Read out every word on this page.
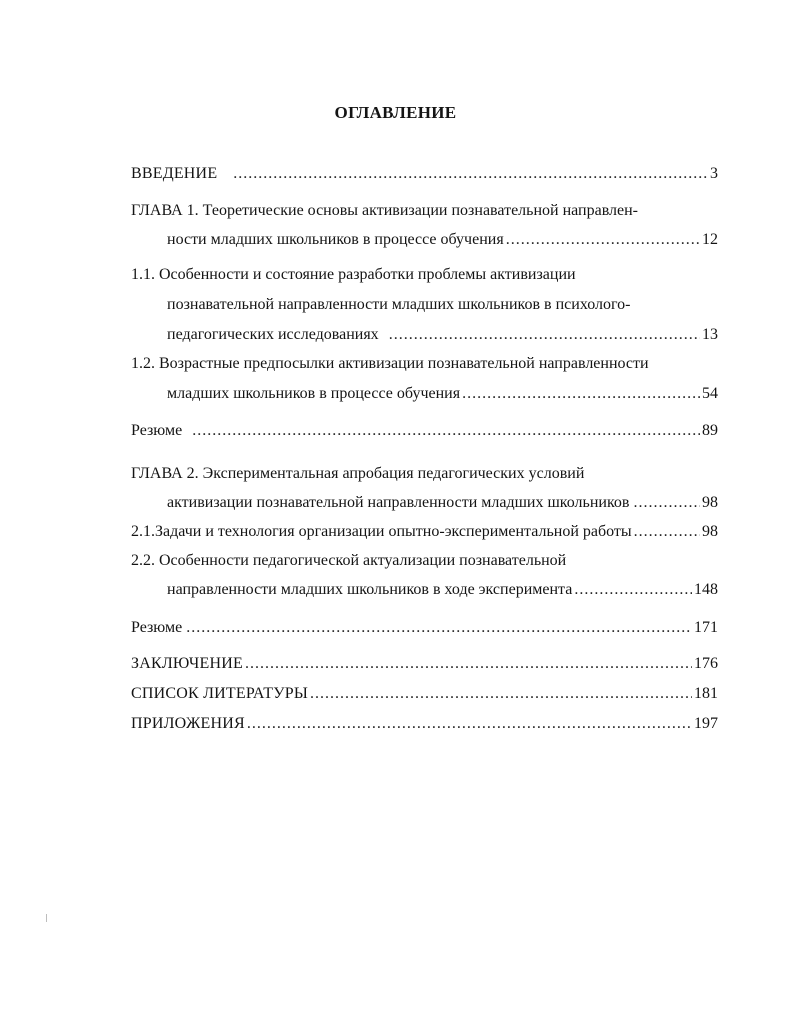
ОГЛАВЛЕНИЕ
ВВЕДЕНИЕ .....	3
ГЛАВА 1. Теоретические основы активизации познавательной направлен-
ности младших школьников в процессе обучения .....	12
1.1. Особенности и состояние разработки проблемы активизации
познавательной направленности младших школьников в психолого-
педагогических исследованиях .....	13
1.2. Возрастные предпосылки активизации познавательной направленности
младших школьников в процессе обучения .....	54
Резюме .....	89
ГЛАВА 2. Экспериментальная апробация педагогических условий
активизации познавательной направленности младших школьников .....	98
2.1.Задачи и технология организации опытно-экспериментальной работы .....	98
2.2. Особенности педагогической актуализации познавательной
направленности младших школьников в ходе эксперимента .....	148
Резюме .....	171
ЗАКЛЮЧЕНИЕ .....	176
СПИСОК ЛИТЕРАТУРЫ .....	181
ПРИЛОЖЕНИЯ .....	197
